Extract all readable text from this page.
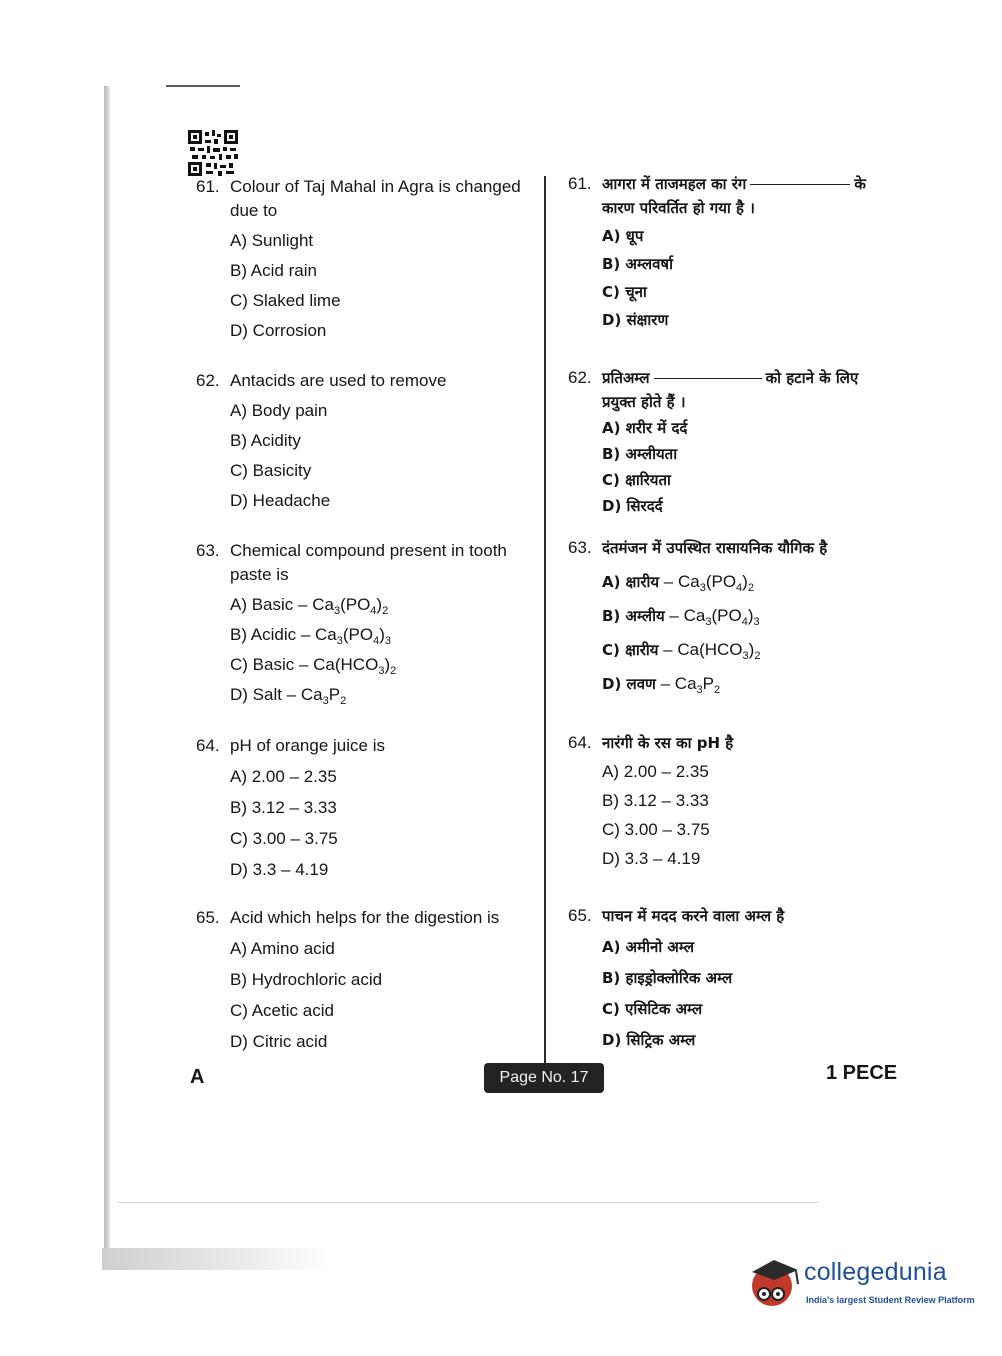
61. Colour of Taj Mahal in Agra is changed due to
A) Sunlight
B) Acid rain
C) Slaked lime
D) Corrosion
62. Antacids are used to remove
A) Body pain
B) Acidity
C) Basicity
D) Headache
63. Chemical compound present in tooth paste is
A) Basic – $Ca_3(PO_4)_2$
B) Acidic – $Ca_3(PO_4)_3$
C) Basic – $Ca(HCO_3)_2$
D) Salt – $Ca_3P_2$
64. pH of orange juice is
A) 2.00 – 2.35
B) 3.12 – 3.33
C) 3.00 – 3.75
D) 3.3 – 4.19
65. Acid which helps for the digestion is
A) Amino acid
B) Hydrochloric acid
C) Acetic acid
D) Citric acid
61. आगरा में ताजमहल का रंग	के कारण परिवर्तित हो गया है ।
A) धूप
B) अम्लवर्षा
C) चूना
D) संक्षारण
62. प्रतिअम्ल	को हटाने के लिए प्रयुक्त होते हैं ।
A) शरीर में दर्द
B) अम्लीयता
C) क्षारियता
D) सिरदर्द
63. दंतमंजन में उपस्थित रासायनिक यौगिक है
A) क्षारीय – $Ca_3(PO_4)_2$
B) अम्लीय – $Ca_3(PO_4)_3$
C) क्षारीय – $Ca(HCO_3)_2$
D) लवण – $Ca_3P_2$
64. नारंगी के रस का pH है
A) 2.00 – 2.35
B) 3.12 – 3.33
C) 3.00 – 3.75
D) 3.3 – 4.19
65. पाचन में मदद करने वाला अम्ल है
A) अमीनो अम्ल
B) हाइड्रोक्लोरिक अम्ल
C) एसिटिक अम्ल
D) सिट्रिक अम्ल
A	Page No. 17	1 PECE
collegedunia
India's largest Student Review Platform
